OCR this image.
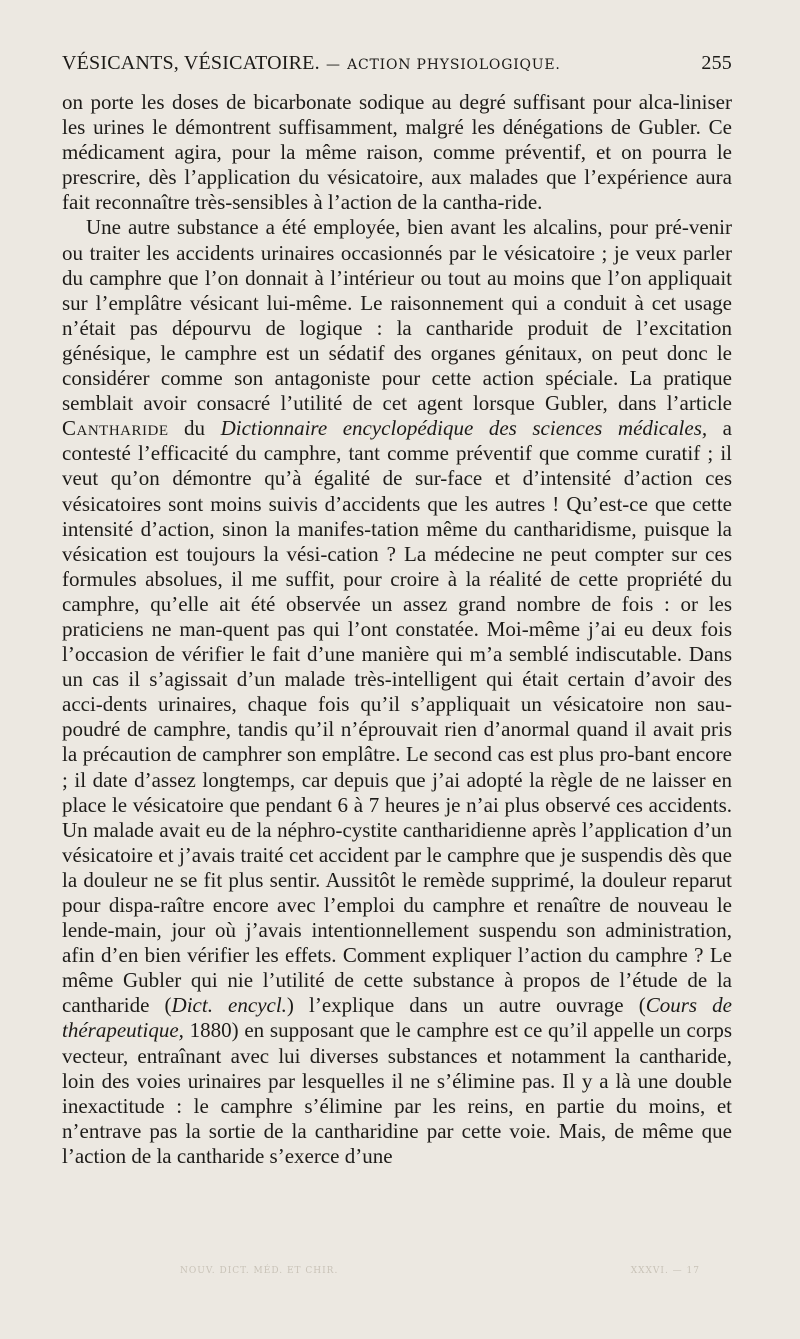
VÉSICANTS, VÉSICATOIRE. — ACTION PHYSIOLOGIQUE.	255

on porte les doses de bicarbonate sodique au degré suffisant pour alca-liniser les urines le démontrent suffisamment, malgré les dénégations de Gubler. Ce médicament agira, pour la même raison, comme préventif, et on pourra le prescrire, dès l’application du vésicatoire, aux malades que l’expérience aura fait reconnaître très-sensibles à l’action de la cantha-ride.

Une autre substance a été employée, bien avant les alcalins, pour pré-venir ou traiter les accidents urinaires occasionnés par le vésicatoire ; je veux parler du camphre que l’on donnait à l’intérieur ou tout au moins que l’on appliquait sur l’emplâtre vésicant lui-même. Le raisonnement qui a conduit à cet usage n’était pas dépourvu de logique : la cantharide produit de l’excitation génésique, le camphre est un sédatif des organes génitaux, on peut donc le considérer comme son antagoniste pour cette action spéciale. La pratique semblait avoir consacré l’utilité de cet agent lorsque Gubler, dans l’article Cantharide du Dictionnaire encyclopédique des sciences médicales, a contesté l’efficacité du camphre, tant comme préventif que comme curatif ; il veut qu’on démontre qu’à égalité de sur-face et d’intensité d’action ces vésicatoires sont moins suivis d’accidents que les autres ! Qu’est-ce que cette intensité d’action, sinon la manifes-tation même du cantharidisme, puisque la vésication est toujours la vési-cation ? La médecine ne peut compter sur ces formules absolues, il me suffit, pour croire à la réalité de cette propriété du camphre, qu’elle ait été observée un assez grand nombre de fois : or les praticiens ne man-quent pas qui l’ont constatée. Moi-même j’ai eu deux fois l’occasion de vérifier le fait d’une manière qui m’a semblé indiscutable. Dans un cas il s’agissait d’un malade très-intelligent qui était certain d’avoir des acci-dents urinaires, chaque fois qu’il s’appliquait un vésicatoire non sau-poudré de camphre, tandis qu’il n’éprouvait rien d’anormal quand il avait pris la précaution de camphrer son emplâtre. Le second cas est plus pro-bant encore ; il date d’assez longtemps, car depuis que j’ai adopté la règle de ne laisser en place le vésicatoire que pendant 6 à 7 heures je n’ai plus observé ces accidents. Un malade avait eu de la néphro-cystite cantharidienne après l’application d’un vésicatoire et j’avais traité cet accident par le camphre que je suspendis dès que la douleur ne se fit plus sentir. Aussitôt le remède supprimé, la douleur reparut pour dispa-raître encore avec l’emploi du camphre et renaître de nouveau le lende-main, jour où j’avais intentionnellement suspendu son administration, afin d’en bien vérifier les effets. Comment expliquer l’action du camphre ? Le même Gubler qui nie l’utilité de cette substance à propos de l’étude de la cantharide (Dict. encycl.) l’explique dans un autre ouvrage (Cours de thérapeutique, 1880) en supposant que le camphre est ce qu’il appelle un corps vecteur, entraînant avec lui diverses substances et notamment la cantharide, loin des voies urinaires par lesquelles il ne s’élimine pas. Il y a là une double inexactitude : le camphre s’élimine par les reins, en partie du moins, et n’entrave pas la sortie de la cantharidine par cette voie. Mais, de même que l’action de la cantharide s’exerce d’une

NOUV. DICT. MÉD. ET CHIR.	XXXVI. — 17
